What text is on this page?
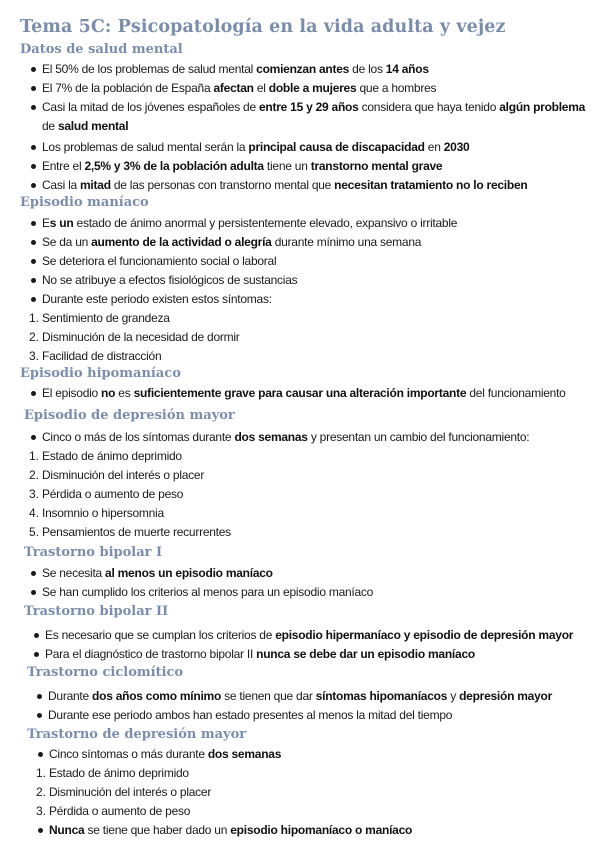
Tema 5C: Psicopatología en la vida adulta y vejez
Datos de salud mental

El 50% de los problemas de salud mental comienzan antes de los 14 años

El 7% de la población de España afectan el doble a mujeres que a hombres

Casi la mitad de los jóvenes españoles de entre 15 y 29 años considera que haya tenido algún problema

de salud mental

Los problemas de salud mental serán la principal causa de discapacidad en 2030

Entre el 2,5% y 3% de la población adulta tiene un transtorno mental grave

Casi la mitad de las personas con transtorno mental que necesitan tratamiento no lo reciben

Episodio maníaco

Es un estado de ánimo anormal y persistentemente elevado, expansivo o irritable

Se da un aumento de la actividad o alegría durante mínimo una semana

Se deteriora el funcionamiento social o laboral

No se atribuye a efectos fisiológicos de sustancias

Durante este periodo existen estos síntomas:

1. Sentimiento de grandeza

2. Disminución de la necesidad de dormir

3. Facilidad de distracción

Episodio hipomaníaco

El episodio no es suficientemente grave para causar una alteración importante del funcionamiento

Episodio de depresión mayor

Cinco o más de los síntomas durante dos semanas y presentan un cambio del funcionamiento:

1. Estado de ánimo deprimido

2. Disminución del interés o placer

3. Pérdida o aumento de peso

4. Insomnio o hipersomnia

5. Pensamientos de muerte recurrentes

Trastorno bipolar I

Se necesita al menos un episodio maníaco

Se han cumplido los criterios al menos para un episodio maníaco

Trastorno bipolar II

Es necesario que se cumplan los criterios de episodio hipermaníaco y episodio de depresión mayor

Para el diagnóstico de trastorno bipolar II nunca se debe dar un episodio maníaco

Trastorno ciclomítico

Durante dos años como mínimo se tienen que dar síntomas hipomaníacos y depresión mayor

Durante ese periodo ambos han estado presentes al menos la mitad del tiempo

Trastorno de depresión mayor

Cinco síntomas o más durante dos semanas

1. Estado de ánimo deprimido

2. Disminución del interés o placer

3. Pérdida o aumento de peso

Nunca se tiene que haber dado un episodio hipomaníaco o maníaco
